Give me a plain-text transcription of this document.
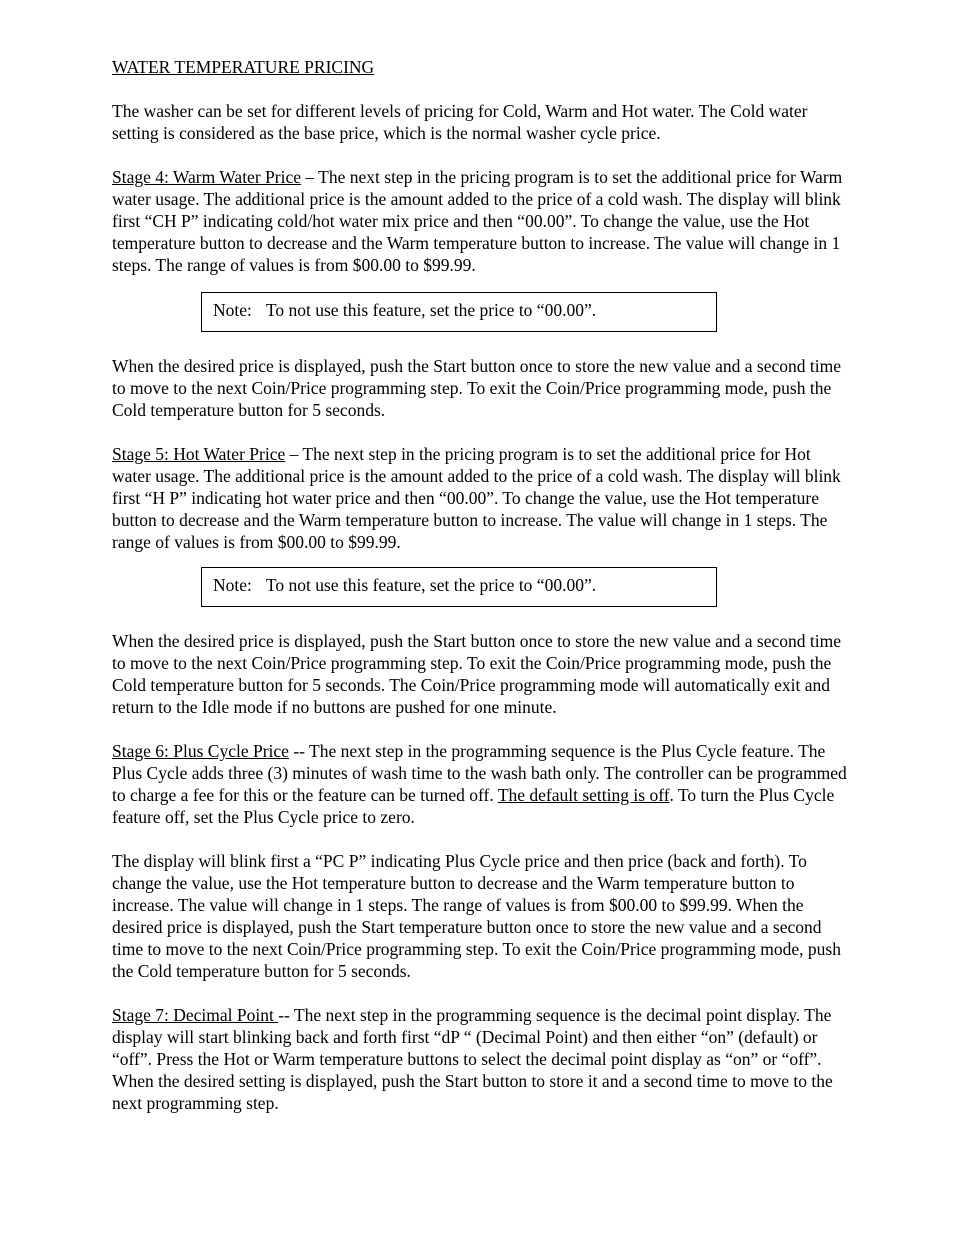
WATER TEMPERATURE PRICING

The washer can be set for different levels of pricing for Cold, Warm and Hot water. The Cold water setting is considered as the base price, which is the normal washer cycle price.

Stage 4: Warm Water Price – The next step in the pricing program is to set the additional price for Warm water usage. The additional price is the amount added to the price of a cold wash. The display will blink first “CH P” indicating cold/hot water mix price and then “00.00”. To change the value, use the Hot temperature button to decrease and the Warm temperature button to increase. The value will change in 1 steps. The range of values is from $00.00 to $99.99.

Note: To not use this feature, set the price to “00.00”.

When the desired price is displayed, push the Start button once to store the new value and a second time to move to the next Coin/Price programming step. To exit the Coin/Price programming mode, push the Cold temperature button for 5 seconds.

Stage 5: Hot Water Price – The next step in the pricing program is to set the additional price for Hot water usage. The additional price is the amount added to the price of a cold wash. The display will blink first “H P” indicating hot water price and then “00.00”. To change the value, use the Hot temperature button to decrease and the Warm temperature button to increase. The value will change in 1 steps. The range of values is from $00.00 to $99.99.

Note: To not use this feature, set the price to “00.00”.

When the desired price is displayed, push the Start button once to store the new value and a second time to move to the next Coin/Price programming step. To exit the Coin/Price programming mode, push the Cold temperature button for 5 seconds. The Coin/Price programming mode will automatically exit and return to the Idle mode if no buttons are pushed for one minute.

Stage 6: Plus Cycle Price -- The next step in the programming sequence is the Plus Cycle feature. The Plus Cycle adds three (3) minutes of wash time to the wash bath only. The controller can be programmed to charge a fee for this or the feature can be turned off. The default setting is off. To turn the Plus Cycle feature off, set the Plus Cycle price to zero.

The display will blink first a “PC P” indicating Plus Cycle price and then price (back and forth). To change the value, use the Hot temperature button to decrease and the Warm temperature button to increase. The value will change in 1 steps. The range of values is from $00.00 to $99.99. When the desired price is displayed, push the Start temperature button once to store the new value and a second time to move to the next Coin/Price programming step. To exit the Coin/Price programming mode, push the Cold temperature button for 5 seconds.

Stage 7: Decimal Point -- The next step in the programming sequence is the decimal point display. The display will start blinking back and forth first “dP “ (Decimal Point) and then either “on” (default) or “off”. Press the Hot or Warm temperature buttons to select the decimal point display as “on” or “off”. When the desired setting is displayed, push the Start button to store it and a second time to move to the next programming step.
